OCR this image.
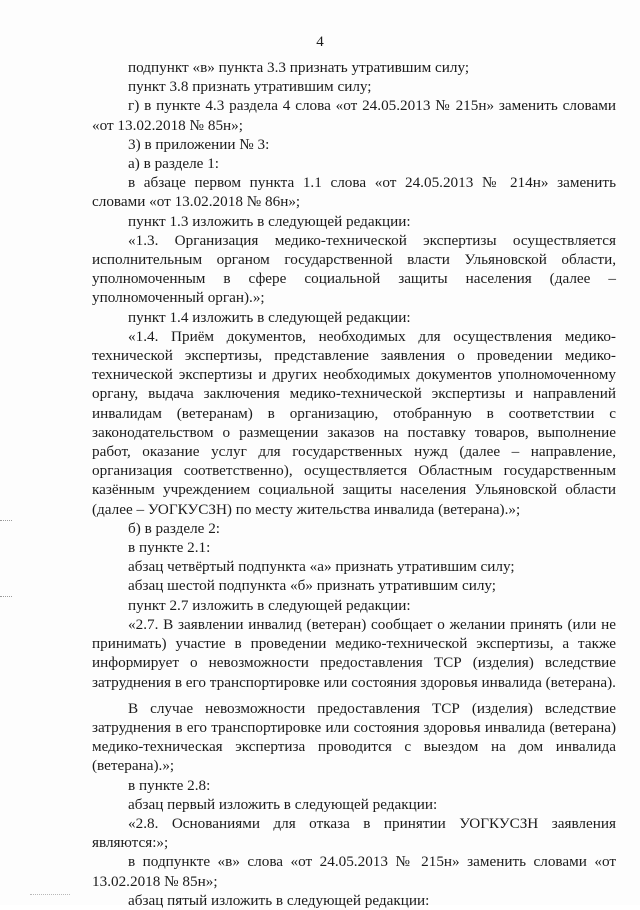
4

подпункт «в» пункта 3.3 признать утратившим силу;

пункт 3.8 признать утратившим силу;

г) в пункте 4.3 раздела 4 слова «от 24.05.2013 № 215н» заменить словами «от 13.02.2018 № 85н»;

3) в приложении № 3:

а) в разделе 1:

в абзаце первом пункта 1.1 слова «от 24.05.2013 № 214н» заменить словами «от 13.02.2018 № 86н»;

пункт 1.3 изложить в следующей редакции:

«1.3. Организация медико-технической экспертизы осуществляется исполнительным органом государственной власти Ульяновской области, уполномоченным в сфере социальной защиты населения (далее – уполномоченный орган).»;

пункт 1.4 изложить в следующей редакции:

«1.4. Приём документов, необходимых для осуществления медико-технической экспертизы, представление заявления о проведении медико-технической экспертизы и других необходимых документов уполномоченному органу, выдача заключения медико-технической экспертизы и направлений инвалидам (ветеранам) в организацию, отобранную в соответствии с законодательством о размещении заказов на поставку товаров, выполнение работ, оказание услуг для государственных нужд (далее – направление, организация соответственно), осуществляется Областным государственным казённым учреждением социальной защиты населения Ульяновской области (далее – УОГКУСЗН) по месту жительства инвалида (ветерана).»;

б) в разделе 2:

в пункте 2.1:

абзац четвёртый подпункта «а» признать утратившим силу;

абзац шестой подпункта «б» признать утратившим силу;

пункт 2.7 изложить в следующей редакции:

«2.7. В заявлении инвалид (ветеран) сообщает о желании принять (или не принимать) участие в проведении медико-технической экспертизы, а также информирует о невозможности предоставления ТСР (изделия) вследствие затруднения в его транспортировке или состояния здоровья инвалида (ветерана).

В случае невозможности предоставления ТСР (изделия) вследствие затруднения в его транспортировке или состояния здоровья инвалида (ветерана) медико-техническая экспертиза проводится с выездом на дом инвалида (ветерана).»;

в пункте 2.8:

абзац первый изложить в следующей редакции:

«2.8. Основаниями для отказа в принятии УОГКУСЗН заявления являются:»;

в подпункте «в» слова «от 24.05.2013 № 215н» заменить словами «от 13.02.2018 № 85н»;

абзац пятый изложить в следующей редакции:
